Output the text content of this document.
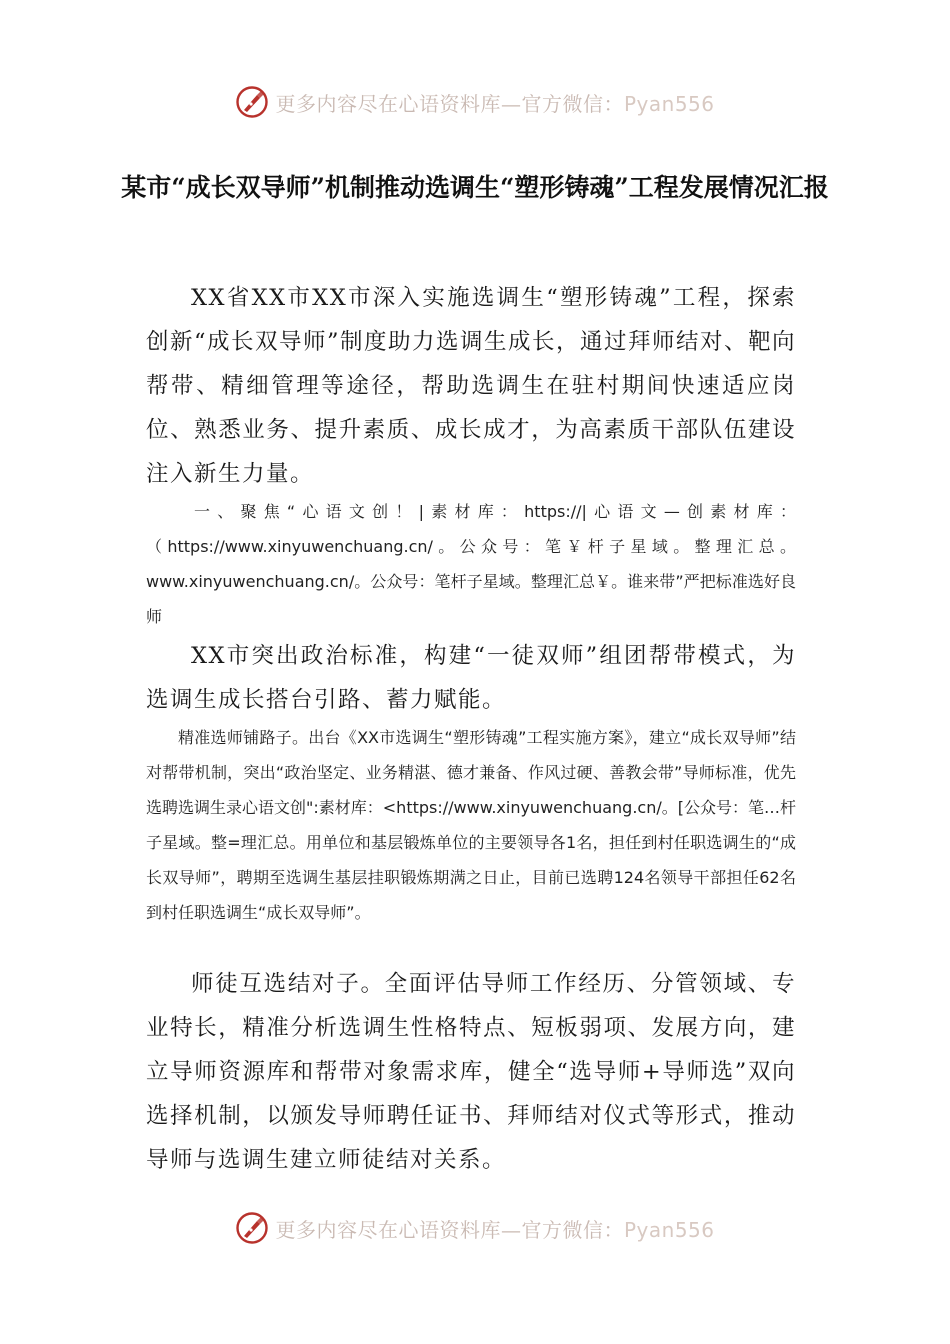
更多内容尽在心语资料库—官方微信：Pyan556
某市“成长双导师”机制推动选调生“塑形铸魂”工程发展情况汇报

XX省XX市XX市深入实施选调生“塑形铸魂”工程，探索创新“成长双导师”制度助力选调生成长，通过拜师结对、靶向帮带、精细管理等途径，帮助选调生在驻村期间快速适应岗位、熟悉业务、提升素质、成长成才，为高素质干部队伍建设注入新生力量。

一、聚焦“心语文创！|素材库：https://|心语文—创素材库：（https://www.xinyuwenchuang.cn/。公众号：笔￥杆子星域。整理汇总。www.xinyuwenchuang.cn/。公众号：笔杆子星域。整理汇总￥。谁来带”严把标准选好良师

XX市突出政治标准，构建“一徒双师”组团帮带模式，为选调生成长搭台引路、蓄力赋能。

精准选师铺路子。出台《XX市选调生“塑形铸魂”工程实施方案》，建立“成长双导师”结对帮带机制，突出“政治坚定、业务精湛、德才兼备、作风过硬、善教会带”导师标准，优先选聘选调生录心语文创":素材库：<https://www.xinyuwenchuang.cn/。[公众号：笔…杆子星域。整=理汇总。用单位和基层锻炼单位的主要领导各1名，担任到村任职选调生的“成长双导师”，聘期至选调生基层挂职锻炼期满之日止，目前已选聘124名领导干部担任62名到村任职选调生“成长双导师”。

师徒互选结对子。全面评估导师工作经历、分管领域、专业特长，精准分析选调生性格特点、短板弱项、发展方向，建立导师资源库和帮带对象需求库，健全“选导师+导师选”双向选择机制，以颁发导师聘任证书、拜师结对仪式等形式，推动导师与选调生建立师徒结对关系。

更多内容尽在心语资料库—官方微信：Pyan556
